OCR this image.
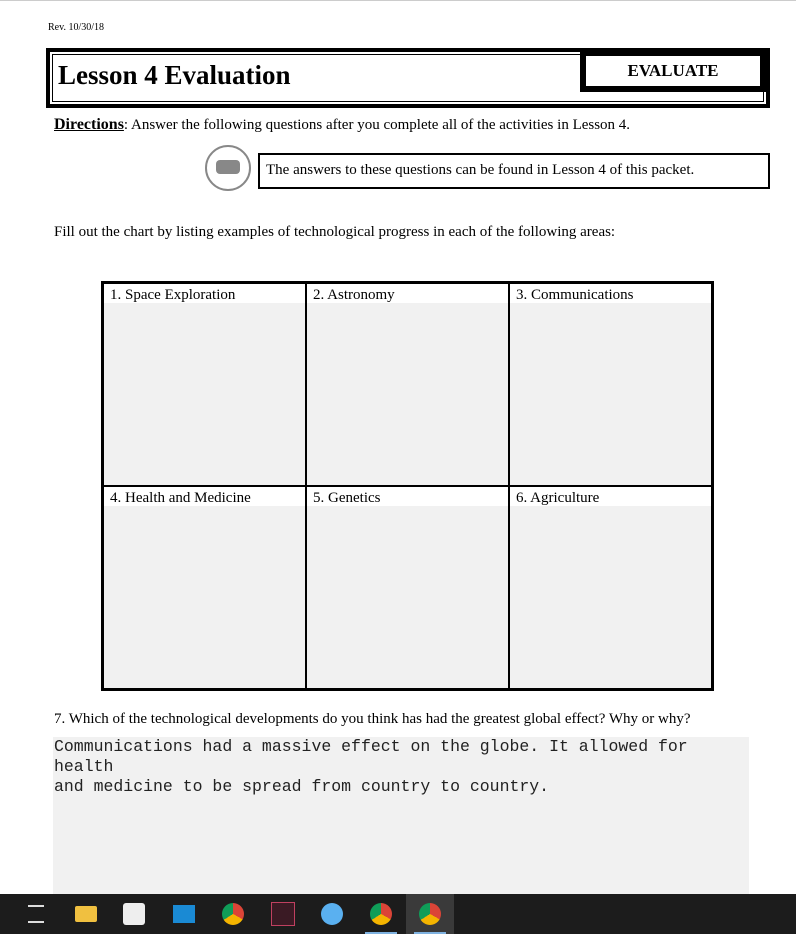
Rev. 10/30/18
Lesson 4 Evaluation	EVALUATE
Directions: Answer the following questions after you complete all of the activities in Lesson 4.
The answers to these questions can be found in Lesson 4 of this packet.
Fill out the chart by listing examples of technological progress in each of the following areas:
1. Space Exploration	2. Astronomy	3. Communications
4. Health and Medicine	5. Genetics	6. Agriculture
7. Which of the technological developments do you think has had the greatest global effect? Why or why?
Communications had a massive effect on the globe. It allowed for health
and medicine to be spread from country to country.
